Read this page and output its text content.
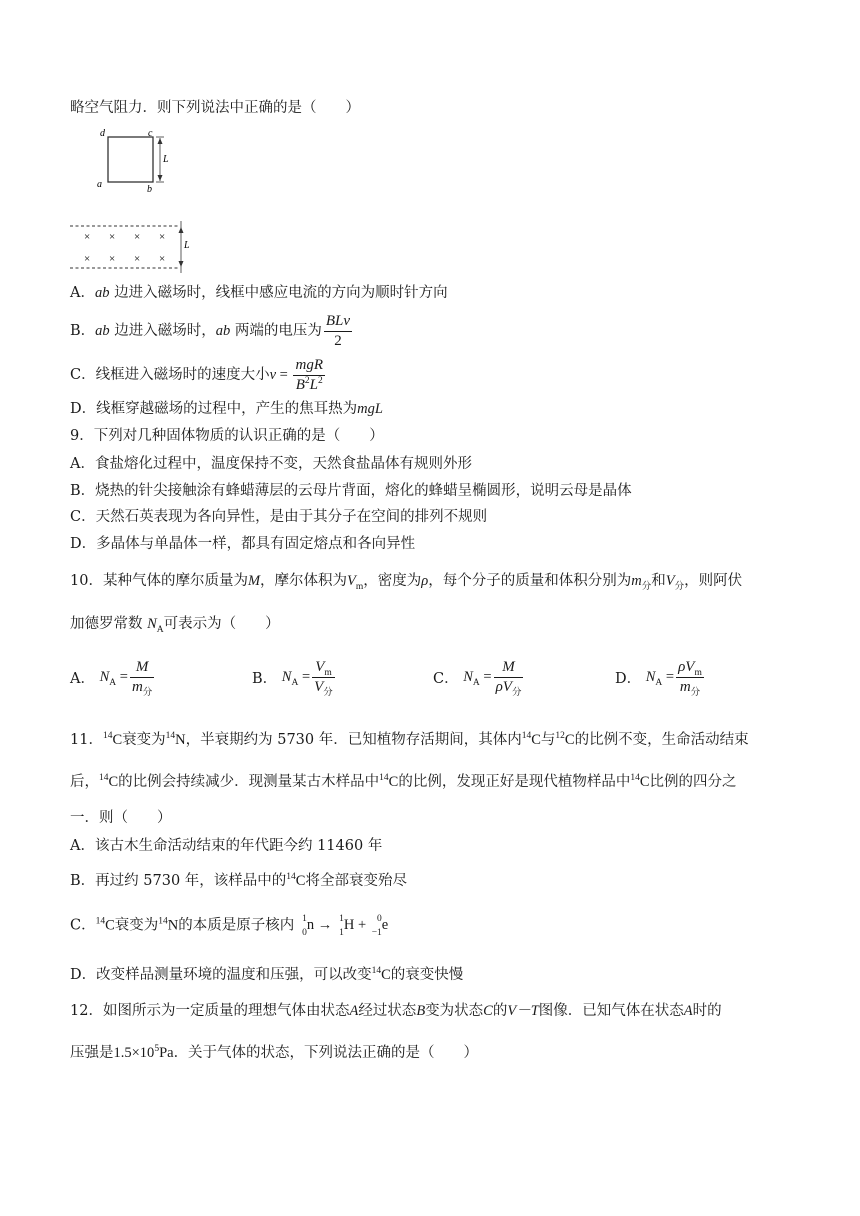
略空气阻力．则下列说法中正确的是（　　）
d	c
a	b
L
× × × ×
× × × ×
L
A．ab 边进入磁场时，线框中感应电流的方向为顺时针方向
B．ab 边进入磁场时，ab 两端的电压为 $\frac{\text{BLv}}{2}$
C．线框进入磁场时的速度大小$v = \frac{\text{mgR}}{B^2L^2}$
D．线框穿越磁场的过程中，产生的焦耳热为mgL
9．下列对几种固体物质的认识正确的是（　　）
A．食盐熔化过程中，温度保持不变，天然食盐晶体有规则外形
B．烧热的针尖接触涂有蜂蜡薄层的云母片背面，熔化的蜂蜡呈椭圆形，说明云母是晶体
C．天然石英表现为各向异性，是由于其分子在空间的排列不规则
D．多晶体与单晶体一样，都具有固定熔点和各向异性
10．某种气体的摩尔质量为M，摩尔体积为$V_m$，密度为ρ，每个分子的质量和体积分别为$m_分$和$V_分$，则阿伏
加德罗常数 $N_A$可表示为（　　）
A． $N_A = \frac{M}{m_分}$	B． $N_A = \frac{V_m}{V_分}$	C． $N_A = \frac{M}{\rho V_分}$	D． $N_A = \frac{\rho V_m}{m_分}$
11．$^{14}$C衰变为$^{14}$N，半衰期约为 5730 年．已知植物存活期间，其体内$^{14}$C与$^{12}$C的比例不变，生命活动结束
后，$^{14}$C的比例会持续减少．现测量某古木样品中$^{14}$C的比例，发现正好是现代植物样品中$^{14}$C比例的四分之
一．则（　　）
A．该古木生命活动结束的年代距今约 11460 年
B．再过约 5730 年，该样品中的$^{14}$C将全部衰变殆尽
C．$^{14}$C衰变为$^{14}$N的本质是原子核内 1
0 n → 1
1 H + 0
−1 e
D．改变样品测量环境的温度和压强，可以改变$^{14}$C的衰变快慢
12．如图所示为一定质量的理想气体由状态A经过状态B变为状态C的V－T图像．已知气体在状态A时的
压强是$1.5\times 10^5Pa$．关于气体的状态，下列说法正确的是（　　）
